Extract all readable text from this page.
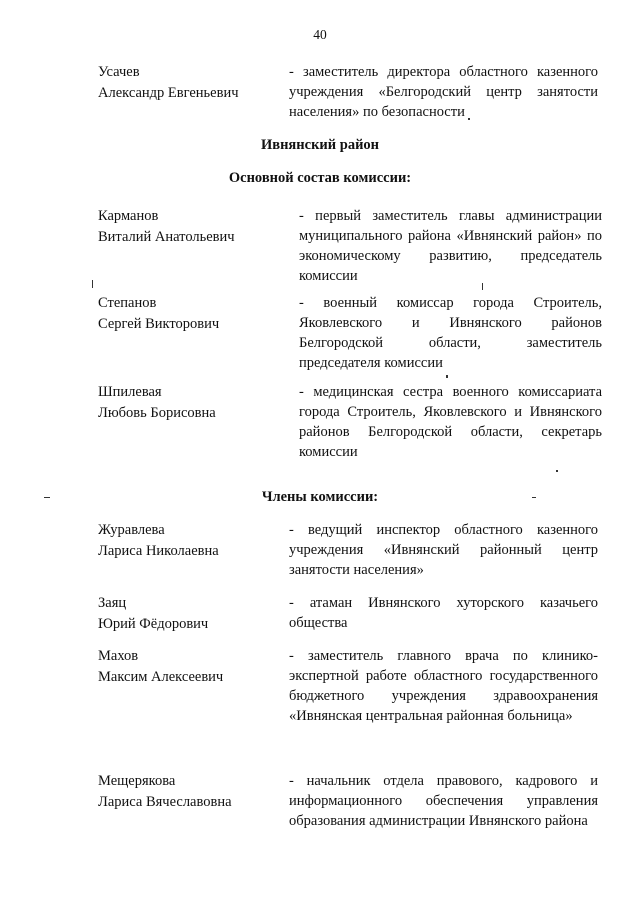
40
Усачев
Александр Евгеньевич
- заместитель директора областного казенного учреждения «Белгородский центр занятости населения» по безопасности
Ивнянский район
Основной состав комиссии:
Карманов
Виталий Анатольевич
- первый заместитель главы администрации муниципального района «Ивнянский район» по экономическому развитию, председатель комиссии
Степанов
Сергей Викторович
- военный комиссар города Строитель, Яковлевского и Ивнянского районов Белгородской области, заместитель председателя комиссии
Шпилевая
Любовь Борисовна
- медицинская сестра военного комиссариата города Строитель, Яковлевского и Ивнянского районов Белгородской области, секретарь комиссии
Члены комиссии:
Журавлева
Лариса Николаевна
- ведущий инспектор областного казенного учреждения «Ивнянский районный центр занятости населения»
Заяц
Юрий Фёдорович
- атаман Ивнянского хуторского казачьего общества
Махов
Максим Алексеевич
- заместитель главного врача по клинико-экспертной работе областного государственного бюджетного учреждения здравоохранения «Ивнянская центральная районная больница»
Мещерякова
Лариса Вячеславовна
- начальник отдела правового, кадрового и информационного обеспечения управления образования администрации Ивнянского района
